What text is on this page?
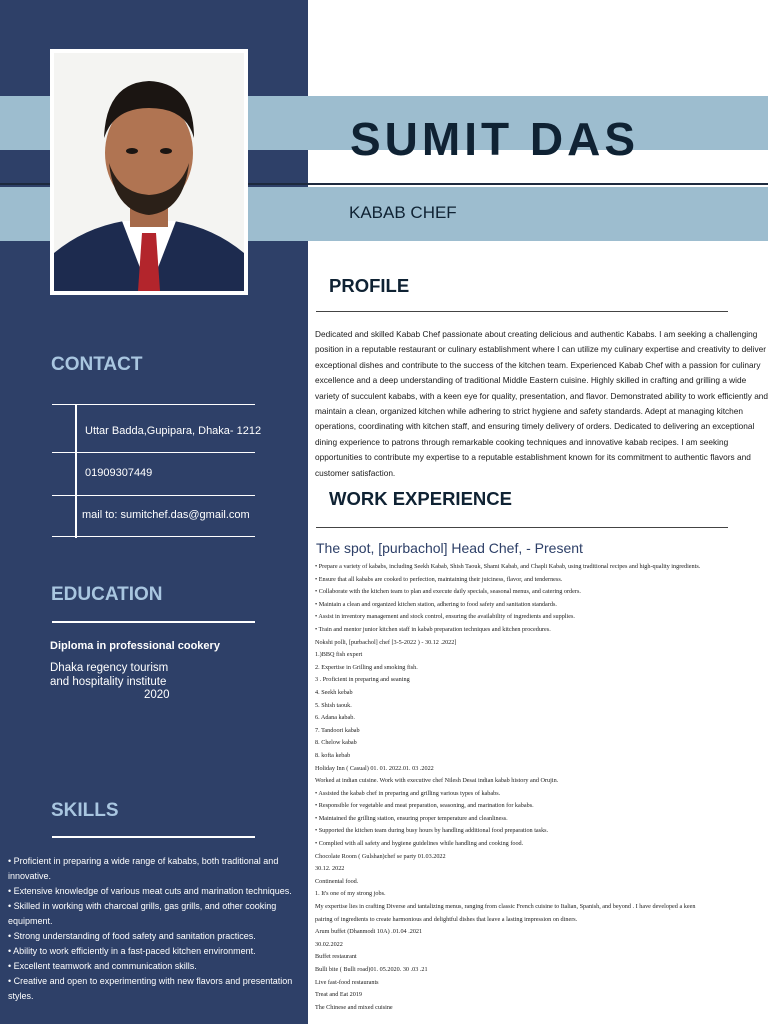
SUMIT DAS
KABAB CHEF
CONTACT
Uttar Badda,Gupipara, Dhaka- 1212
01909307449
mail to: sumitchef.das@gmail.com
EDUCATION
Diploma in professional cookery
Dhaka regency tourism and hospitality institute
2020
SKILLS
• Proficient in preparing a wide range of kababs, both traditional and innovative.
• Extensive knowledge of various meat cuts and marination techniques.
• Skilled in working with charcoal grills, gas grills, and other cooking equipment.
• Strong understanding of food safety and sanitation practices.
• Ability to work efficiently in a fast-paced kitchen environment.
• Excellent teamwork and communication skills.
• Creative and open to experimenting with new flavors and presentation styles.
PROFILE
Dedicated and skilled Kabab Chef passionate about creating delicious and authentic Kababs. I am seeking a challenging position in a reputable restaurant or culinary establishment where I can utilize my culinary expertise and creativity to deliver exceptional dishes and contribute to the success of the kitchen team. Experienced Kabab Chef with a passion for culinary excellence and a deep understanding of traditional Middle Eastern cuisine. Highly skilled in crafting and grilling a wide variety of succulent kababs, with a keen eye for quality, presentation, and flavor. Demonstrated ability to work efficiently and maintain a clean, organized kitchen while adhering to strict hygiene and safety standards. Adept at managing kitchen operations, coordinating with kitchen staff, and ensuring timely delivery of orders. Dedicated to delivering an exceptional dining experience to patrons through remarkable cooking techniques and innovative kabab recipes. I am seeking opportunities to contribute my expertise to a reputable establishment known for its commitment to authentic flavors and customer satisfaction.
WORK EXPERIENCE
The spot, [purbachol] Head Chef, - Present
• Prepare a variety of kababs, including Seekh Kabab, Shish Taouk, Shami Kabab, and Chapli Kabab, using traditional recipes and high-quality ingredients.
• Ensure that all kababs are cooked to perfection, maintaining their juiciness, flavor, and tenderness.
• Collaborate with the kitchen team to plan and execute daily specials, seasonal menus, and catering orders.
• Maintain a clean and organized kitchen station, adhering to food safety and sanitation standards.
• Assist in inventory management and stock control, ensuring the availability of ingredients and supplies.
• Train and mentor junior kitchen staff in kabab preparation techniques and kitchen procedures.
Nokshi polli, [purbachol] chef [3-5-2022 ) - 30.12 .2022]
1.)BBQ fish expert
2. Expertise in Grilling and smoking fish.
3 . Proficient in preparing and seaning
4. Seekh kebab
5. Shish taouk.
6. Adana kabab.
7. Tandoori kabab
8. Chelow kabab
8. kofta kebab
Holiday Inn ( Casual) 01. 01. 2022.01. 03 .2022
Worked at indian cuisine. Work with executive chef Nilesh Desai indian kabab history and Orujin.
• Assisted the kabab chef in preparing and grilling various types of kababs.
• Responsible for vegetable and meat preparation, seasoning, and marination for kababs.
• Maintained the grilling station, ensuring proper temperature and cleanliness.
• Supported the kitchen team during busy hours by handling additional food preparation tasks.
• Complied with all safety and hygiene guidelines while handling and cooking food.
Chocolate Room ( Gulshan)chef se party 01.03.2022
30.12. 2022
Continental food.
1. It's one of my strong jobs.
My expertise lies in crafting Diverse and tantalizing menus, ranging from classic French cuisine to Italian, Spanish, and beyond . I have developed a keen
pairing of ingredients to create harmonious and delightful dishes that leave a lasting impression on diners.
Arum buffet (Dhanmodi 10A) .01.04 .2021
30.02.2022
Buffet restaurant
Bulli bite ( Bulli road)01. 05.2020. 30 .03 .21
Live fast-food restaurants
Treat and Eat 2019
The Chinese and mixed cuisine
